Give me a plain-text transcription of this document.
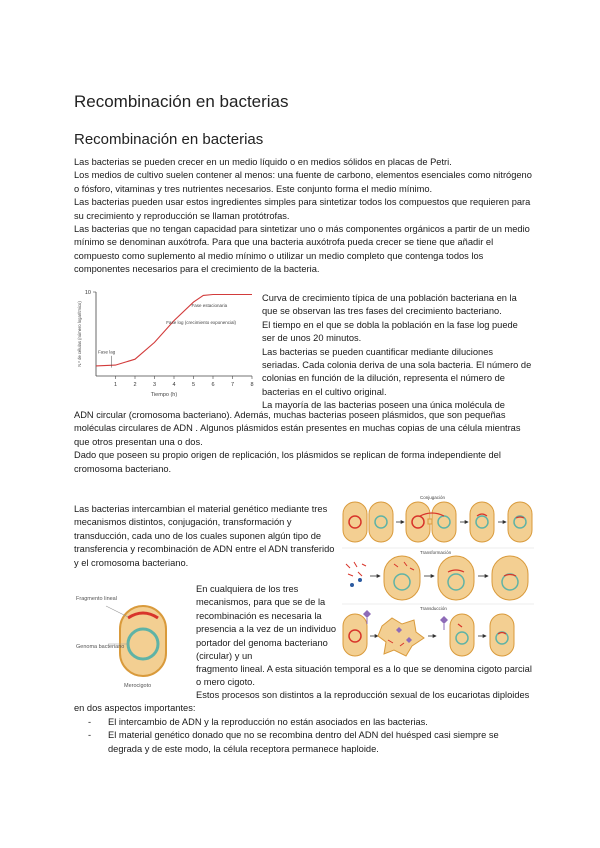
Recombinación en bacterias
Recombinación en bacterias

Las bacterias se pueden crecer en un medio líquido o en medios sólidos en placas de Petri.

Los medios de cultivo suelen contener al menos: una fuente de carbono, elementos esenciales como nitrógeno o fósforo, vitaminas y tres nutrientes necesarios. Este conjunto forma el medio mínimo.

Las bacterias pueden usar estos ingredientes simples para sintetizar todos los compuestos que requieren para su crecimiento y reproducción se llaman protótrofas.

Las bacterias que no tengan capacidad para sintetizar uno o más componentes orgánicos a partir de un medio mínimo se denominan auxótrofa. Para que una bacteria auxótrofa pueda crecer se tiene que añadir el compuesto como suplemento al medio mínimo o utilizar un medio completo que contenga todos los componentes necesarios para el crecimiento de la bacteria.

1	2	3	4	5	6	7	8
10
Tiempo (h)
N.º de células (número logarítmico)	Fase estacionaria
Fase log (crecimiento exponencial)
Fase lag

Curva de crecimiento típica de una población bacteriana en la que se observan las tres fases del crecimiento bacteriano.

El tiempo en el que se dobla la población en la fase log puede ser de unos 20 minutos.

Las bacterias se pueden cuantificar mediante diluciones seriadas. Cada colonia deriva de una sola bacteria. El número de colonias en función de la dilución, representa el número de bacterias en el cultivo original.

La mayoría de las bacterias poseen una única molécula de

ADN circular (cromosoma bacteriano). Además, muchas bacterias poseen plásmidos, que son pequeñas moléculas circulares de ADN . Algunos plásmidos están presentes en muchas copias de una célula mientras que otros presentan una o dos.

Dado que poseen su propio origen de replicación, los plásmidos se replican de forma independiente del cromosoma bacteriano.

Las bacterias intercambian el material genético mediante tres mecanismos distintos, conjugación, transformación y transducción, cada uno de los cuales suponen algún tipo de transferencia y recombinación de ADN entre el ADN transferido y el cromosoma bacteriano.

Fragmento lineal
Genoma bacteriano
Merocigoto

En cualquiera de los tres mecanismos, para que se de la recombinación es necesaria la presencia a la vez de un individuo portador del genoma bacteriano (circular) y un

Conjugación
Transformación
Transducción

fragmento lineal. A esta situación temporal es a lo que se denomina cigoto parcial o mero cigoto.

Estos procesos son distintos a la reproducción sexual de los eucariotas diploides en dos aspectos importantes:

- El intercambio de ADN y la reproducción no están asociados en las bacterias.
- El material genético donado que no se recombina dentro del ADN del huésped casi siempre se degrada y de este modo, la célula receptora permanece haploide.
